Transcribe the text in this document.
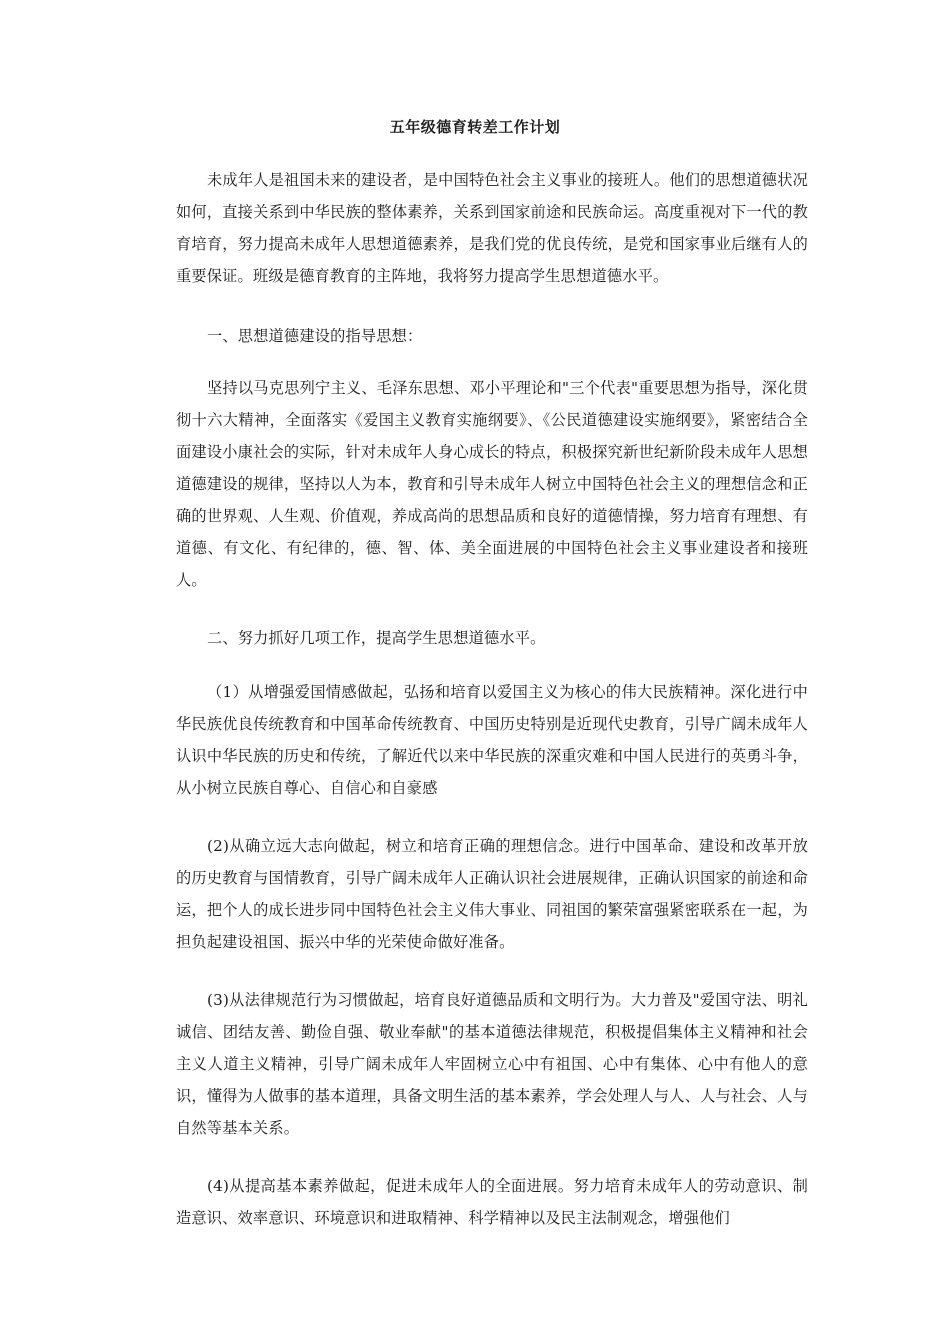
五年级德育转差工作计划

未成年人是祖国未来的建设者，是中国特色社会主义事业的接班人。他们的思想道德状况如何，直接关系到中华民族的整体素养，关系到国家前途和民族命运。高度重视对下一代的教育培育，努力提高未成年人思想道德素养，是我们党的优良传统，是党和国家事业后继有人的重要保证。班级是德育教育的主阵地，我将努力提高学生思想道德水平。

一、思想道德建设的指导思想：

坚持以马克思列宁主义、毛泽东思想、邓小平理论和"三个代表"重要思想为指导，深化贯彻十六大精神，全面落实《爱国主义教育实施纲要》、《公民道德建设实施纲要》，紧密结合全面建设小康社会的实际，针对未成年人身心成长的特点，积极探究新世纪新阶段未成年人思想道德建设的规律，坚持以人为本，教育和引导未成年人树立中国特色社会主义的理想信念和正确的世界观、人生观、价值观，养成高尚的思想品质和良好的道德情操，努力培育有理想、有道德、有文化、有纪律的，德、智、体、美全面进展的中国特色社会主义事业建设者和接班人。

二、努力抓好几项工作，提高学生思想道德水平。

（1）从增强爱国情感做起，弘扬和培育以爱国主义为核心的伟大民族精神。深化进行中华民族优良传统教育和中国革命传统教育、中国历史特别是近现代史教育，引导广阔未成年人认识中华民族的历史和传统，了解近代以来中华民族的深重灾难和中国人民进行的英勇斗争，从小树立民族自尊心、自信心和自豪感

(2)从确立远大志向做起，树立和培育正确的理想信念。进行中国革命、建设和改革开放的历史教育与国情教育，引导广阔未成年人正确认识社会进展规律，正确认识国家的前途和命运，把个人的成长进步同中国特色社会主义伟大事业、同祖国的繁荣富强紧密联系在一起，为担负起建设祖国、振兴中华的光荣使命做好准备。

(3)从法律规范行为习惯做起，培育良好道德品质和文明行为。大力普及"爱国守法、明礼诚信、团结友善、勤俭自强、敬业奉献"的基本道德法律规范，积极提倡集体主义精神和社会主义人道主义精神，引导广阔未成年人牢固树立心中有祖国、心中有集体、心中有他人的意识，懂得为人做事的基本道理，具备文明生活的基本素养，学会处理人与人、人与社会、人与自然等基本关系。

(4)从提高基本素养做起，促进未成年人的全面进展。努力培育未成年人的劳动意识、制造意识、效率意识、环境意识和进取精神、科学精神以及民主法制观念，增强他们
